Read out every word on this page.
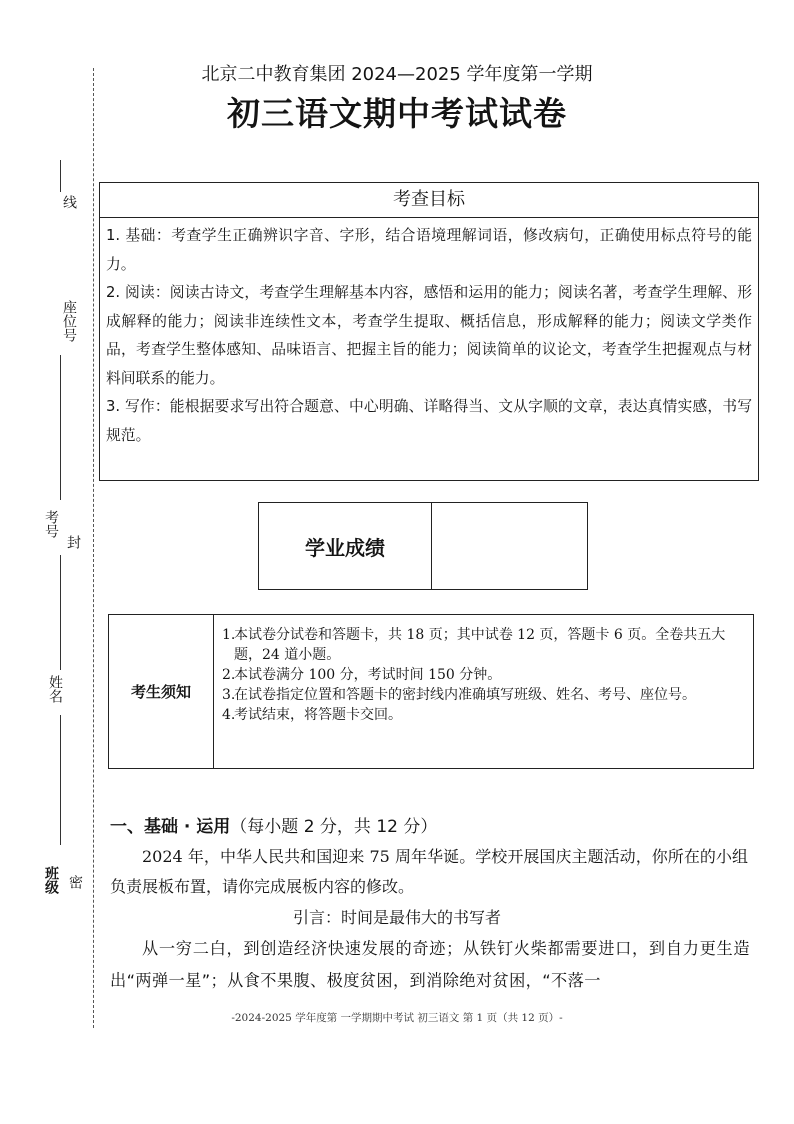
线
座位号
考号
封
姓名
班级 密
北京二中教育集团 2024—2025 学年度第一学期
初三语文期中考试试卷
考查目标

1. 基础：考查学生正确辨识字音、字形，结合语境理解词语，修改病句，正确使用标点符号的能力。

2. 阅读：阅读古诗文，考查学生理解基本内容，感悟和运用的能力；阅读名著，考查学生理解、形成解释的能力；阅读非连续性文本，考查学生提取、概括信息，形成解释的能力；阅读文学类作品，考查学生整体感知、品味语言、把握主旨的能力；阅读简单的议论文，考查学生把握观点与材料间联系的能力。

3. 写作：能根据要求写出符合题意、中心明确、详略得当、文从字顺的文章，表达真情实感，书写规范。

学业成绩
考生须知
1.
本试卷分试卷和答题卡，共 18 页；其中试卷 12 页，答题卡 6 页。全卷共五大题，24 道小题。
2.
本试卷满分 100 分，考试时间 150 分钟。
3.
在试卷指定位置和答题卡的密封线内准确填写班级、姓名、考号、座位号。
4.
考试结束，将答题卡交回。
一、基础 · 运用（每小题 2 分，共 12 分）
2024 年，中华人民共和国迎来 75 周年华诞。学校开展国庆主题活动，你所在的小组负责展板布置，请你完成展板内容的修改。
引言：时间是最伟大的书写者
从一穷二白，到创造经济快速发展的奇迹；从铁钉火柴都需要进口，到自力更生造出“两弹一星”；从食不果腹、极度贫困，到消除绝对贫困，“不落一
-2024-2025 学年度第 一学期期中考试 初三语文 第 1 页（共 12 页）-
